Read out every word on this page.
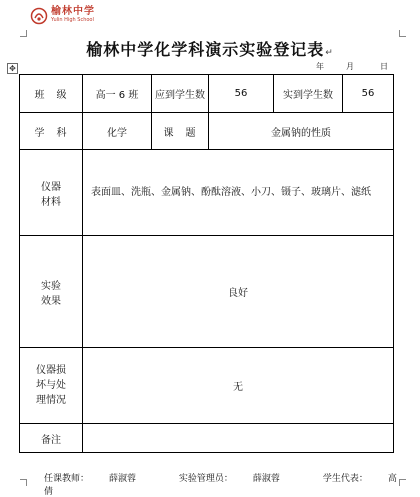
榆林中学
Yulin High School
榆林中学化学科演示实验登记表↵
年	月	日
✥
班　级	高一 6 班	应到学生数	56	实到学生数	56
学　科	化学	课　题	金属钠的性质		

仪器
材料	表面皿、洗瓶、金属钠、酚酞溶液、小刀、镊子、玻璃片、滤纸				

实验
效果	良好				

仪器损
坏与处
理情况	无				
备注					
任课教师： 薛淑蓉	实验管理员： 薛淑蓉	学生代表： 高倩
